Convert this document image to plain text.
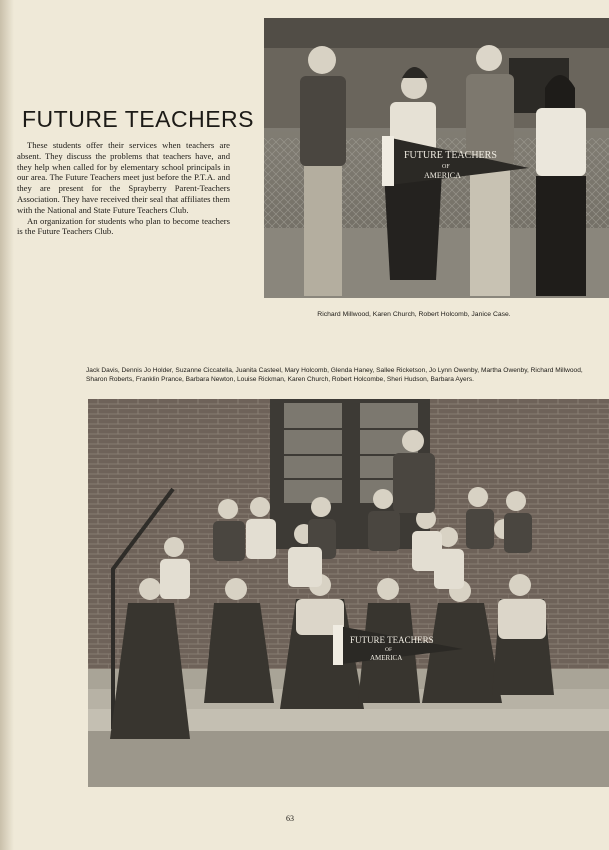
FUTURE TEACHERS

These students offer their services when teachers are absent. They discuss the problems that teachers have, and they help when called for by elementary school principals in our area. The Future Teachers meet just before the P.T.A. and they are present for the Sprayberry Parent-Teachers Association. They have received their seal that affiliates them with the National and State Future Teachers Club.

An organization for students who plan to become teachers is the Future Teachers Club.

FUTURE TEACHERS
OF
AMERICA
Richard Millwood, Karen Church, Robert Holcomb, Janice Case.
Jack Davis, Dennis Jo Holder, Suzanne Ciccatella, Juanita Casteel, Mary Holcomb, Glenda Haney, Sallee Ricketson, Jo Lynn Owenby, Martha Owenby, Richard Millwood, Sharon Roberts, Franklin Prance, Barbara Newton, Louise Rickman, Karen Church, Robert Holcombe, Sheri Hudson, Barbara Ayers.
FUTURE TEACHERS
OF
AMERICA
63
